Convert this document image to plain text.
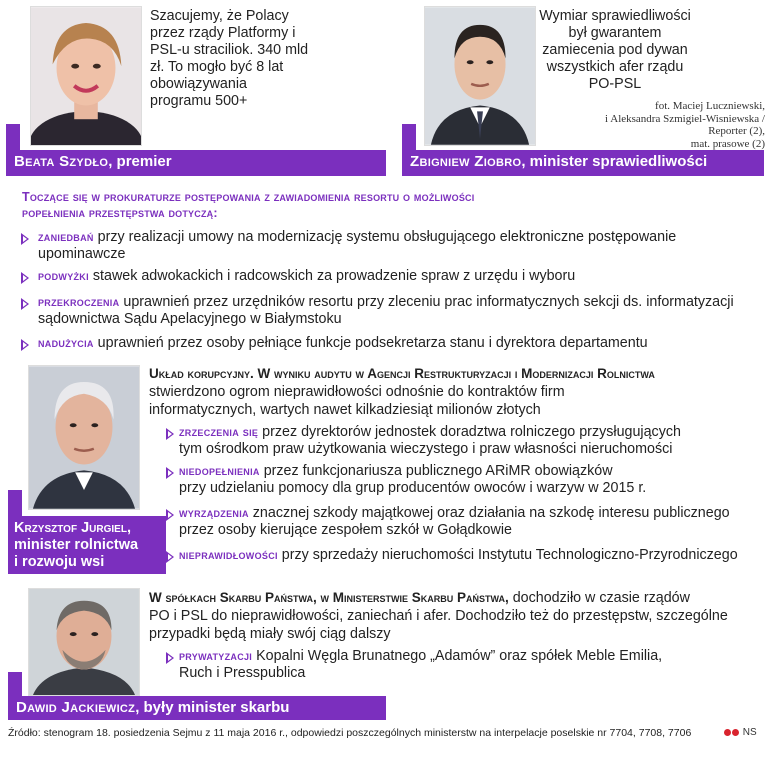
Szacujemy, że Polacy
przez rządy Platformy i
PSL-u straciliok. 340 mld
zł. To mogło być 8 lat
obowiązywania
programu 500+
Beata Szydło, premier
Wymiar sprawiedliwości
był gwarantem
zamiecenia pod dywan
wszystkich afer rządu
PO-PSL
fot. Maciej Luczniewski,
i Aleksandra Szmigiel-Wisniewska /
Reporter (2),
mat. prasowe (2)
Zbigniew Ziobro, minister sprawiedliwości
Toczące się w prokuraturze postępowania z zawiadomienia resortu o możliwości
popełnienia przestępstwa dotyczą:
zaniedbań przy realizacji umowy na modernizację systemu obsługującego elektroniczne postępowanie
upominawcze
podwyżki stawek adwokackich i radcowskich za prowadzenie spraw z urzędu i wyboru
przekroczenia uprawnień przez urzędników resortu przy zleceniu prac informatycznych sekcji ds. informatyzacji
sądownictwa Sądu Apelacyjnego w Białymstoku
nadużycia uprawnień przez osoby pełniące funkcje podsekretarza stanu i dyrektora departamentu
Układ korupcyjny. W wyniku audytu w Agencji Restrukturyzacji i Modernizacji Rolnictwa
stwierdzono ogrom nieprawidłowości odnośnie do kontraktów firm
informatycznych, wartych nawet kilkadziesiąt milionów złotych
Krzysztof Jurgiel,
minister rolnictwa
i rozwoju wsi
zrzeczenia się przez dyrektorów jednostek doradztwa rolniczego przysługujących
tym ośrodkom praw użytkowania wieczystego i praw własności nieruchomości
niedopełnienia przez funkcjonariusza publicznego ARiMR obowiązków
przy udzielaniu pomocy dla grup producentów owoców i warzyw w 2015 r.
wyrządzenia znacznej szkody majątkowej oraz działania na szkodę interesu publicznego
przez osoby kierujące zespołem szkół w Gołądkowie
nieprawidłowości przy sprzedaży nieruchomości Instytutu Technologiczno-Przyrodniczego
W spółkach Skarbu Państwa, w Ministerstwie Skarbu Państwa, dochodziło w czasie rządów
PO i PSL do nieprawidłowości, zaniechań i afer. Dochodziło też do przestępstw, szczególne
przypadki będą miały swój ciąg dalszy
prywatyzacji Kopalni Węgla Brunatnego „Adamów” oraz spółek Meble Emilia,
Ruch i Presspublica
Dawid Jackiewicz, były minister skarbu
Źródło: stenogram 18. posiedzenia Sejmu z 11 maja 2016 r., odpowiedzi poszczególnych ministerstw na interpelacje poselskie nr 7704, 7708, 7706	NS
